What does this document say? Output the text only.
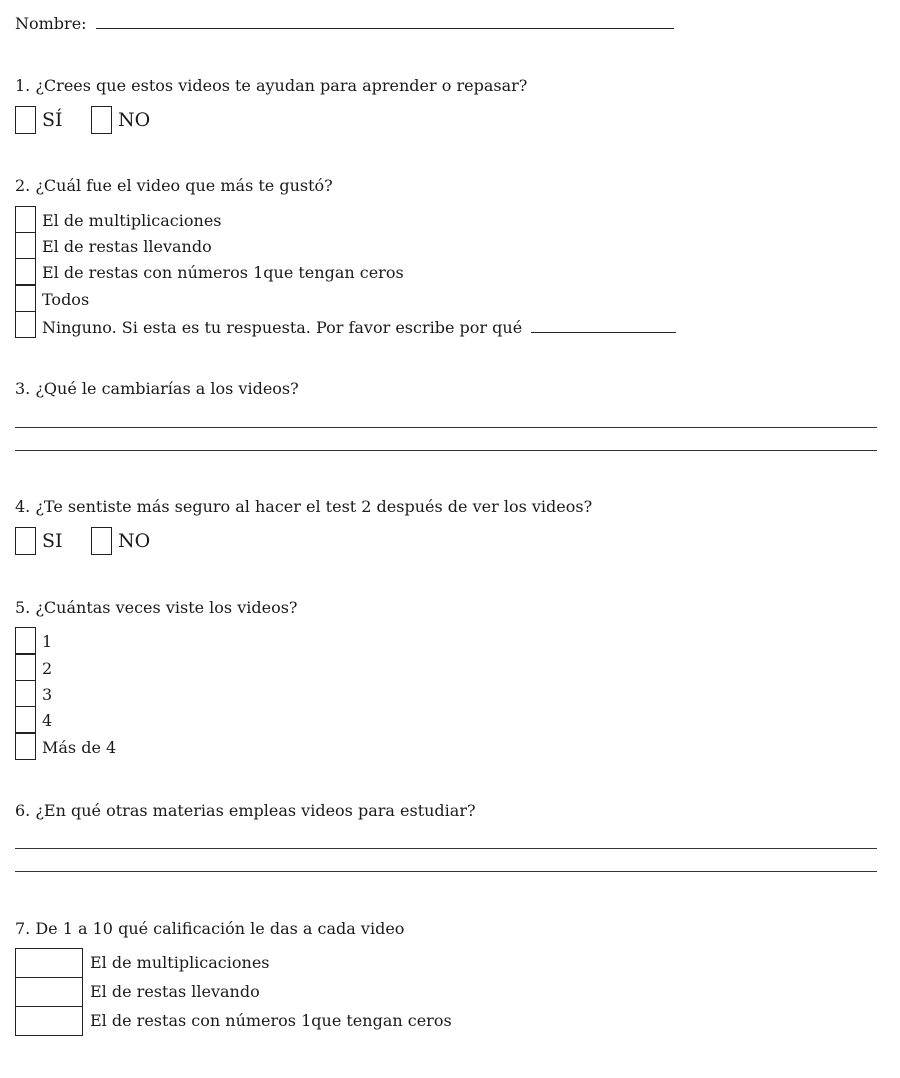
Nombre:
1. ¿Crees que estos videos te ayudan para aprender o repasar?
SÍ	NO
2. ¿Cuál fue el video que más te gustó?
El de multiplicaciones
El de restas llevando
El de restas con números 1que tengan ceros
Todos
Ninguno. Si esta es tu respuesta. Por favor escribe por qué
3. ¿Qué le cambiarías a los videos?
4. ¿Te sentiste más seguro al hacer el test 2 después de ver los videos?
SI	NO
5. ¿Cuántas veces viste los videos?
1
2
3
4
Más de 4
6. ¿En qué otras materias empleas videos para estudiar?
7. De 1 a 10 qué calificación le das a cada video
El de multiplicaciones
El de restas llevando
El de restas con números 1que tengan ceros
